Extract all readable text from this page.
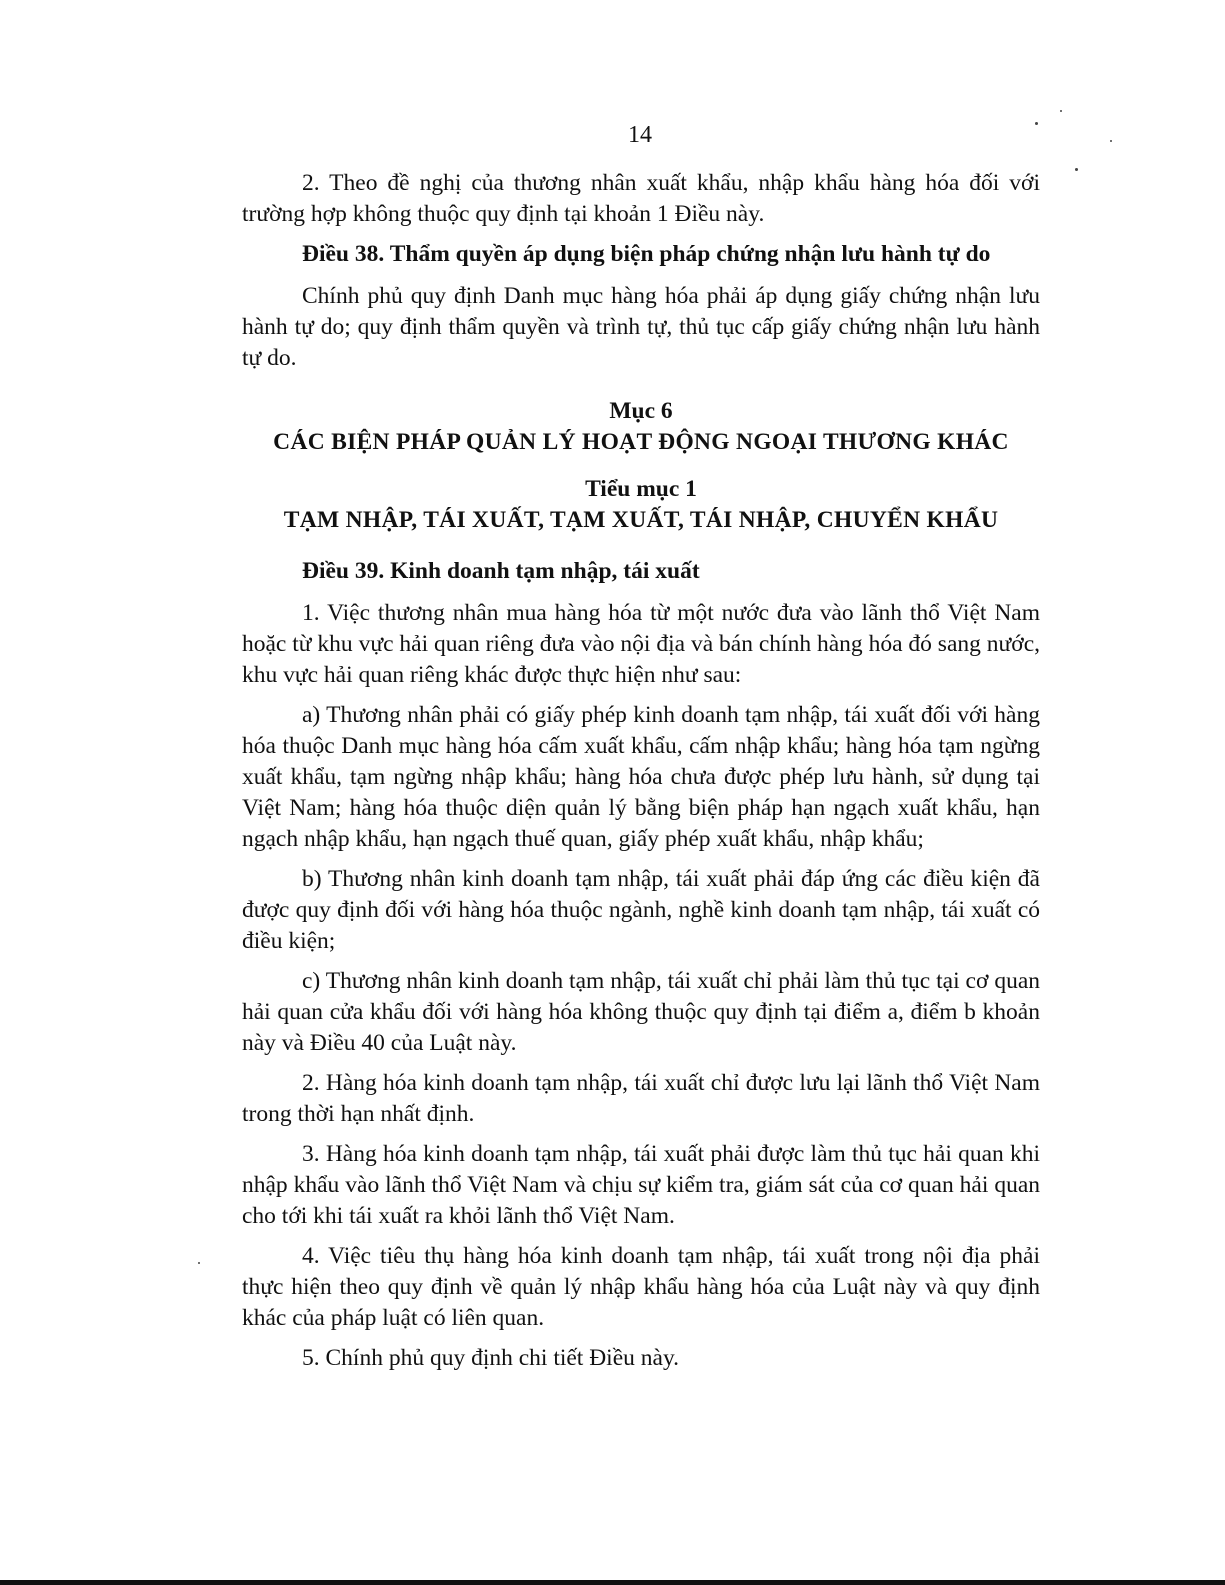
14

2. Theo đề nghị của thương nhân xuất khẩu, nhập khẩu hàng hóa đối với trường hợp không thuộc quy định tại khoản 1 Điều này.

Điều 38. Thẩm quyền áp dụng biện pháp chứng nhận lưu hành tự do

Chính phủ quy định Danh mục hàng hóa phải áp dụng giấy chứng nhận lưu hành tự do; quy định thẩm quyền và trình tự, thủ tục cấp giấy chứng nhận lưu hành tự do.

Mục 6

CÁC BIỆN PHÁP QUẢN LÝ HOẠT ĐỘNG NGOẠI THƯƠNG KHÁC

Tiểu mục 1

TẠM NHẬP, TÁI XUẤT, TẠM XUẤT, TÁI NHẬP, CHUYỂN KHẨU

Điều 39. Kinh doanh tạm nhập, tái xuất

1. Việc thương nhân mua hàng hóa từ một nước đưa vào lãnh thổ Việt Nam hoặc từ khu vực hải quan riêng đưa vào nội địa và bán chính hàng hóa đó sang nước, khu vực hải quan riêng khác được thực hiện như sau:

a) Thương nhân phải có giấy phép kinh doanh tạm nhập, tái xuất đối với hàng hóa thuộc Danh mục hàng hóa cấm xuất khẩu, cấm nhập khẩu; hàng hóa tạm ngừng xuất khẩu, tạm ngừng nhập khẩu; hàng hóa chưa được phép lưu hành, sử dụng tại Việt Nam; hàng hóa thuộc diện quản lý bằng biện pháp hạn ngạch xuất khẩu, hạn ngạch nhập khẩu, hạn ngạch thuế quan, giấy phép xuất khẩu, nhập khẩu;

b) Thương nhân kinh doanh tạm nhập, tái xuất phải đáp ứng các điều kiện đã được quy định đối với hàng hóa thuộc ngành, nghề kinh doanh tạm nhập, tái xuất có điều kiện;

c) Thương nhân kinh doanh tạm nhập, tái xuất chỉ phải làm thủ tục tại cơ quan hải quan cửa khẩu đối với hàng hóa không thuộc quy định tại điểm a, điểm b khoản này và Điều 40 của Luật này.

2. Hàng hóa kinh doanh tạm nhập, tái xuất chỉ được lưu lại lãnh thổ Việt Nam trong thời hạn nhất định.

3. Hàng hóa kinh doanh tạm nhập, tái xuất phải được làm thủ tục hải quan khi nhập khẩu vào lãnh thổ Việt Nam và chịu sự kiểm tra, giám sát của cơ quan hải quan cho tới khi tái xuất ra khỏi lãnh thổ Việt Nam.

4. Việc tiêu thụ hàng hóa kinh doanh tạm nhập, tái xuất trong nội địa phải thực hiện theo quy định về quản lý nhập khẩu hàng hóa của Luật này và quy định khác của pháp luật có liên quan.

5. Chính phủ quy định chi tiết Điều này.
